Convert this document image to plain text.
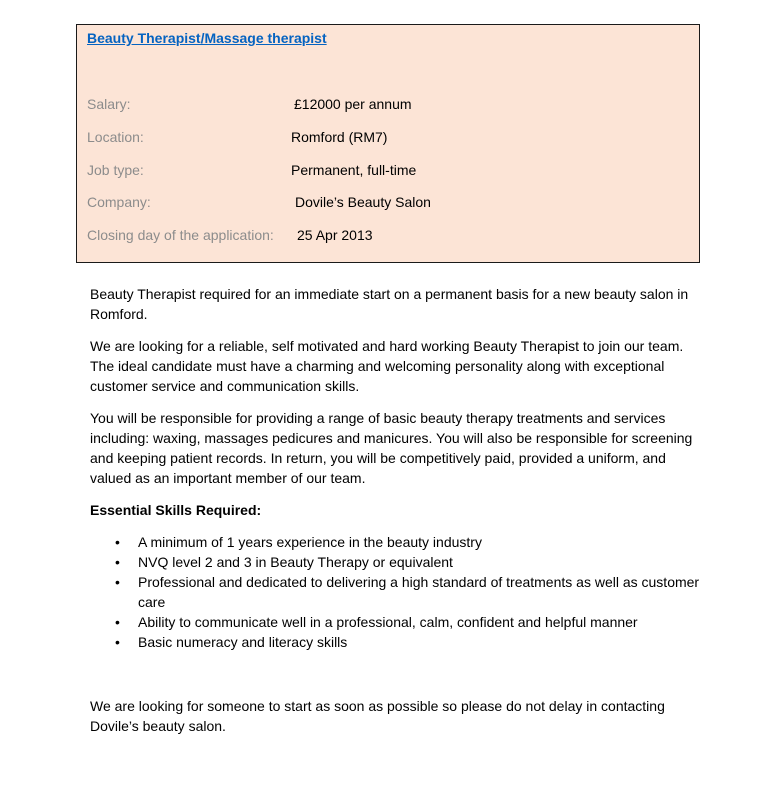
Beauty Therapist/Massage therapist
Salary:	£12000 per annum
Location:	Romford (RM7)
Job type:	Permanent, full-time
Company:	Dovile’s Beauty Salon
Closing day of the application: 25 Apr 2013

Beauty Therapist required for an immediate start on a permanent basis for a new beauty salon in Romford.

We are looking for a reliable, self motivated and hard working Beauty Therapist to join our team. The ideal candidate must have a charming and welcoming personality along with exceptional customer service and communication skills.

You will be responsible for providing a range of basic beauty therapy treatments and services including: waxing, massages pedicures and manicures. You will also be responsible for screening and keeping patient records. In return, you will be competitively paid, provided a uniform, and valued as an important member of our team.

Essential Skills Required:

• A minimum of 1 years experience in the beauty industry
• NVQ level 2 and 3 in Beauty Therapy or equivalent
• Professional and dedicated to delivering a high standard of treatments as well as customer care
• Ability to communicate well in a professional, calm, confident and helpful manner
• Basic numeracy and literacy skills

We are looking for someone to start as soon as possible so please do not delay in contacting Dovile’s beauty salon.
